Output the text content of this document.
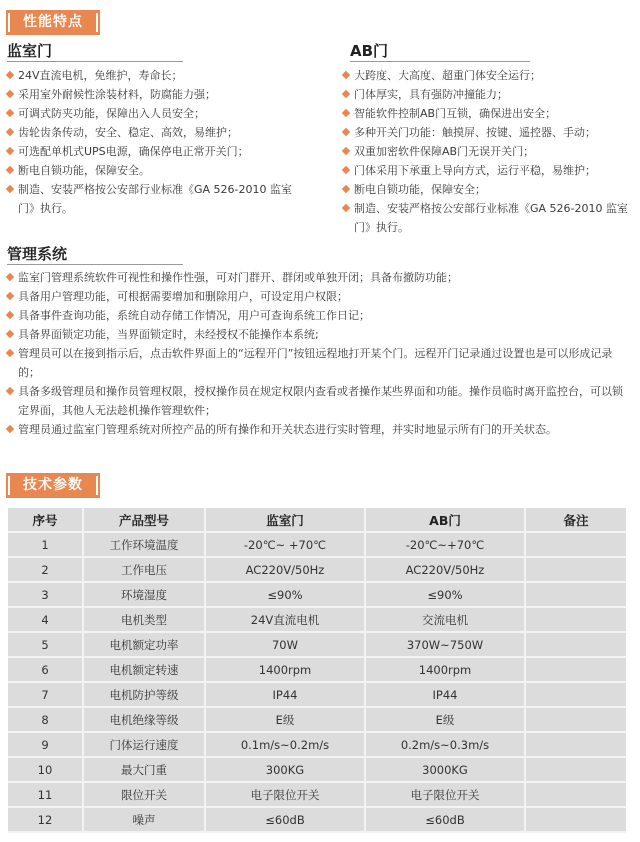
性能特点
监室门
24V直流电机，免维护，寿命长；
采用室外耐候性涂装材料，防腐能力强；
可调式防夹功能，保障出入人员安全；
齿轮齿条传动，安全、稳定、高效，易维护；
可选配单机式UPS电源，确保停电正常开关门；
断电自锁功能，保障安全。
制造、安装严格按公安部行业标准《GA 526-2010 监室门》执行。
AB门
大跨度、大高度、超重门体安全运行；
门体厚实，具有强防冲撞能力；
智能软件控制AB门互锁，确保进出安全；
多种开关门功能：触摸屏、按键、遥控器、手动；
双重加密软件保障AB门无误开关门；
门体采用下承重上导向方式，运行平稳，易维护；
断电自锁功能，保障安全；
制造、安装严格按公安部行业标准《GA 526-2010 监室门》执行。
管理系统
监室门管理系统软件可视性和操作性强，可对门群开、群闭或单独开闭；具备布撤防功能；
具备用户管理功能，可根据需要增加和删除用户，可设定用户权限；
具备事件查询功能，系统自动存储工作情况，用户可查询系统工作日记；
具备界面锁定功能，当界面锁定时，未经授权不能操作本系统;
管理员可以在接到指示后，点击软件界面上的“远程开门”按钮远程地打开某个门。远程开门记录通过设置也是可以形成记录的；
具备多级管理员和操作员管理权限，授权操作员在规定权限内查看或者操作某些界面和功能。操作员临时离开监控台，可以锁定界面，其他人无法趁机操作管理软件；
管理员通过监室门管理系统对所控产品的所有操作和开关状态进行实时管理，并实时地显示所有门的开关状态。
技术参数
序号	产品型号	监室门	AB门	备注
1	工作环境温度	-20℃~ +70℃	-20℃~+70℃	
2	工作电压	AC220V/50Hz	AC220V/50Hz	
3	环境湿度	≤90%	≤90%	
4	电机类型	24V直流电机	交流电机	
5	电机额定功率	70W	370W~750W	
6	电机额定转速	1400rpm	1400rpm	
7	电机防护等级	IP44	IP44	
8	电机绝缘等级	E级	E级	
9	门体运行速度	0.1m/s~0.2m/s	0.2m/s~0.3m/s	
10	最大门重	300KG	3000KG	
11	限位开关	电子限位开关	电子限位开关	
12	噪声	≤60dB	≤60dB	
